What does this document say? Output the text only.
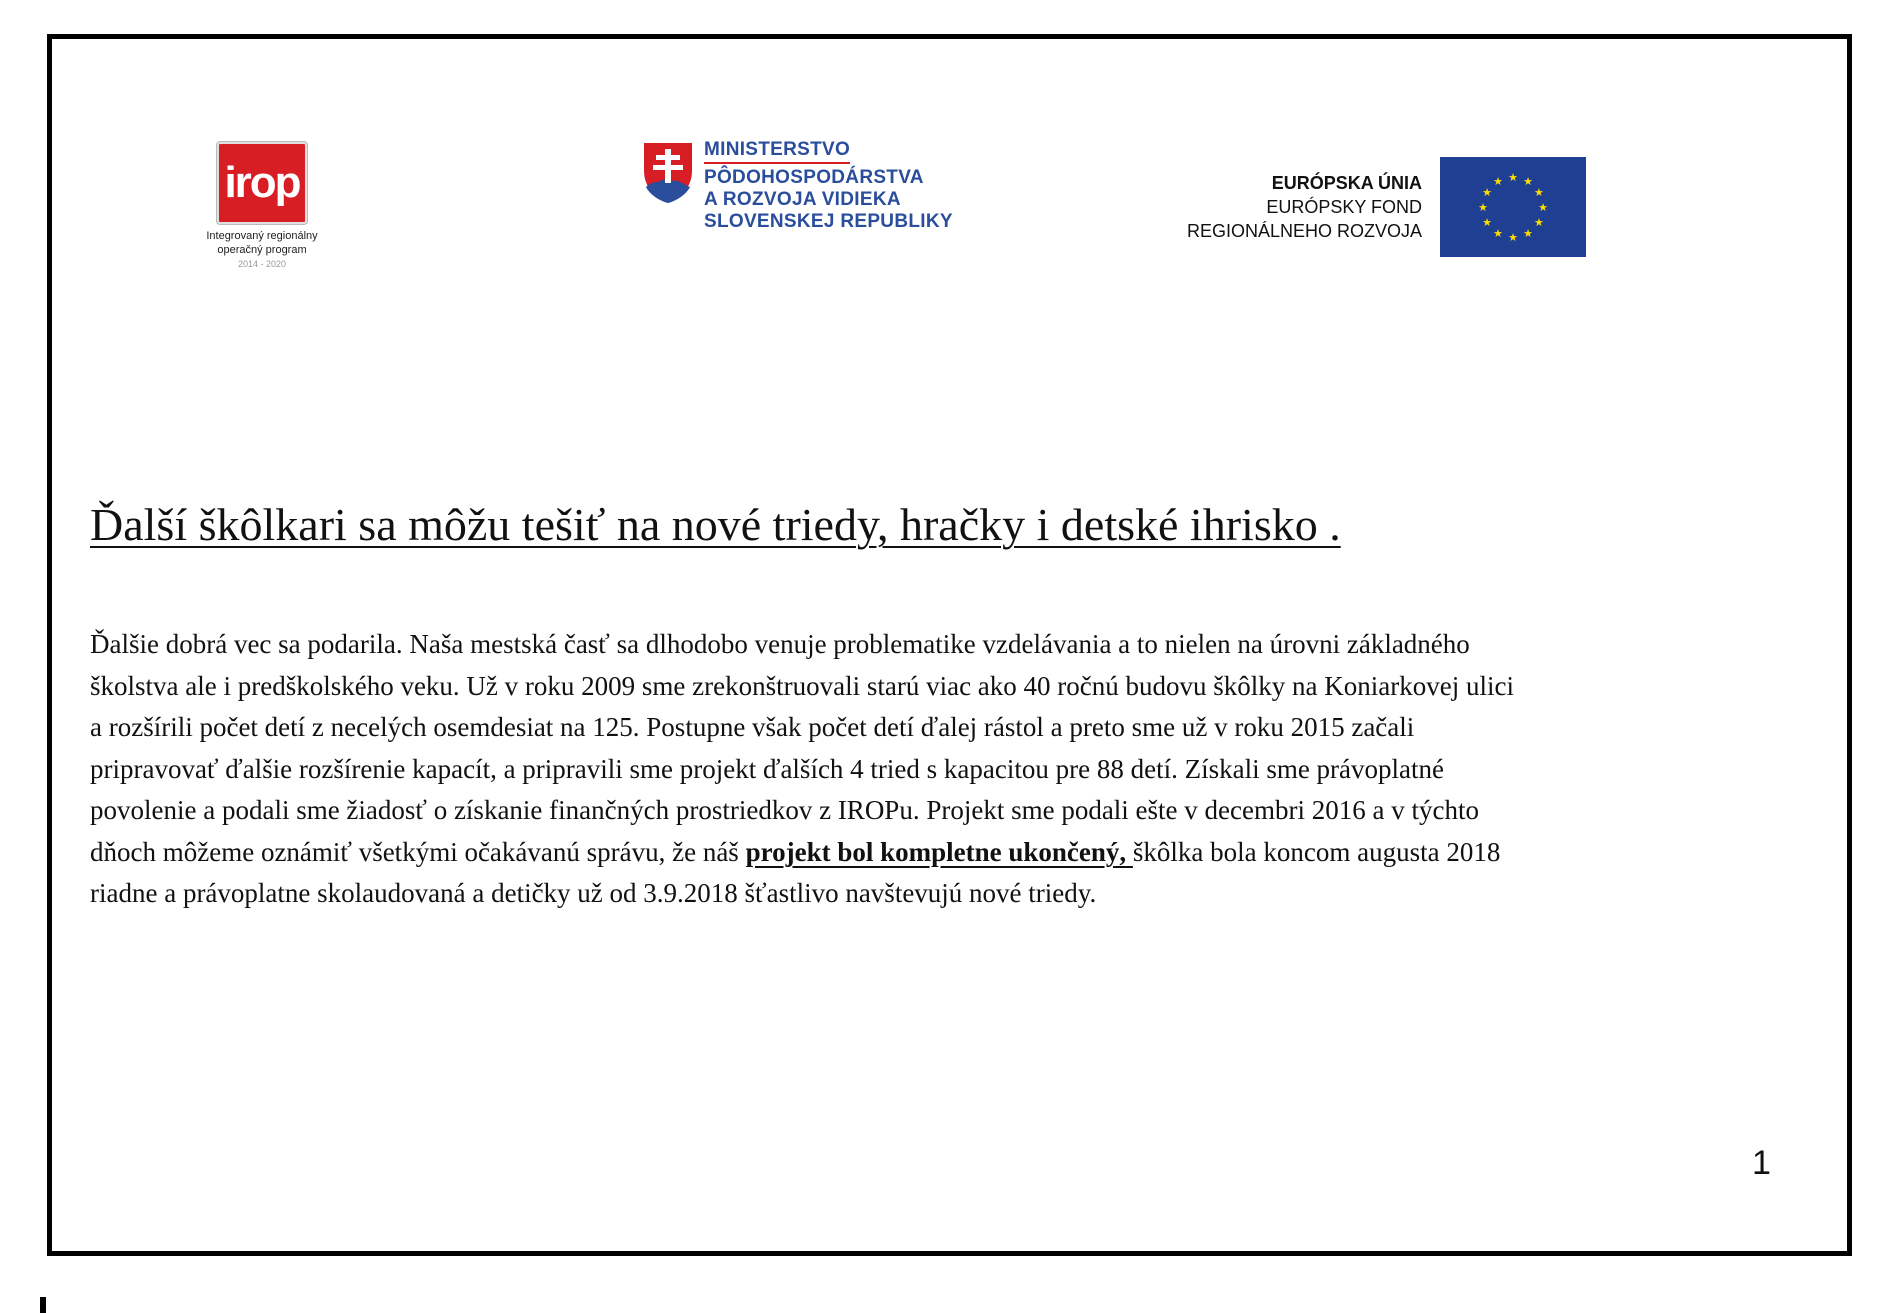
irop
Integrovaný regionálny
operačný program
2014 - 2020
MINISTERSTVO
PÔDOHOSPODÁRSTVA
A ROZVOJA VIDIEKA
SLOVENSKEJ REPUBLIKY
EURÓPSKA ÚNIA
EURÓPSKY FOND
REGIONÁLNEHO ROZVOJA
★ ★
★
★
★
★
★
★
★
★
★
★
Ďalší škôlkari sa môžu tešiť na nové triedy, hračky i detské ihrisko .
Ďalšie dobrá vec sa podarila. Naša mestská časť sa dlhodobo venuje problematike vzdelávania a to nielen na úrovni základného
školstva ale i predškolského veku. Už v roku 2009 sme zrekonštruovali starú viac ako 40 ročnú budovu škôlky na Koniarkovej ulici
a rozšírili počet detí z necelých osemdesiat na 125. Postupne však počet detí ďalej rástol a preto sme už v roku 2015 začali
pripravovať ďalšie rozšírenie kapacít, a pripravili sme projekt ďalších 4 tried s kapacitou pre 88 detí. Získali sme právoplatné
povolenie a podali sme žiadosť o získanie finančných prostriedkov z IROPu. Projekt sme podali ešte v decembri 2016 a v týchto
dňoch môžeme oznámiť všetkými očakávanú správu, že náš projekt bol kompletne ukončený, škôlka bola koncom augusta 2018
riadne a právoplatne skolaudovaná a detičky už od 3.9.2018 šťastlivo navštevujú nové triedy.
1
